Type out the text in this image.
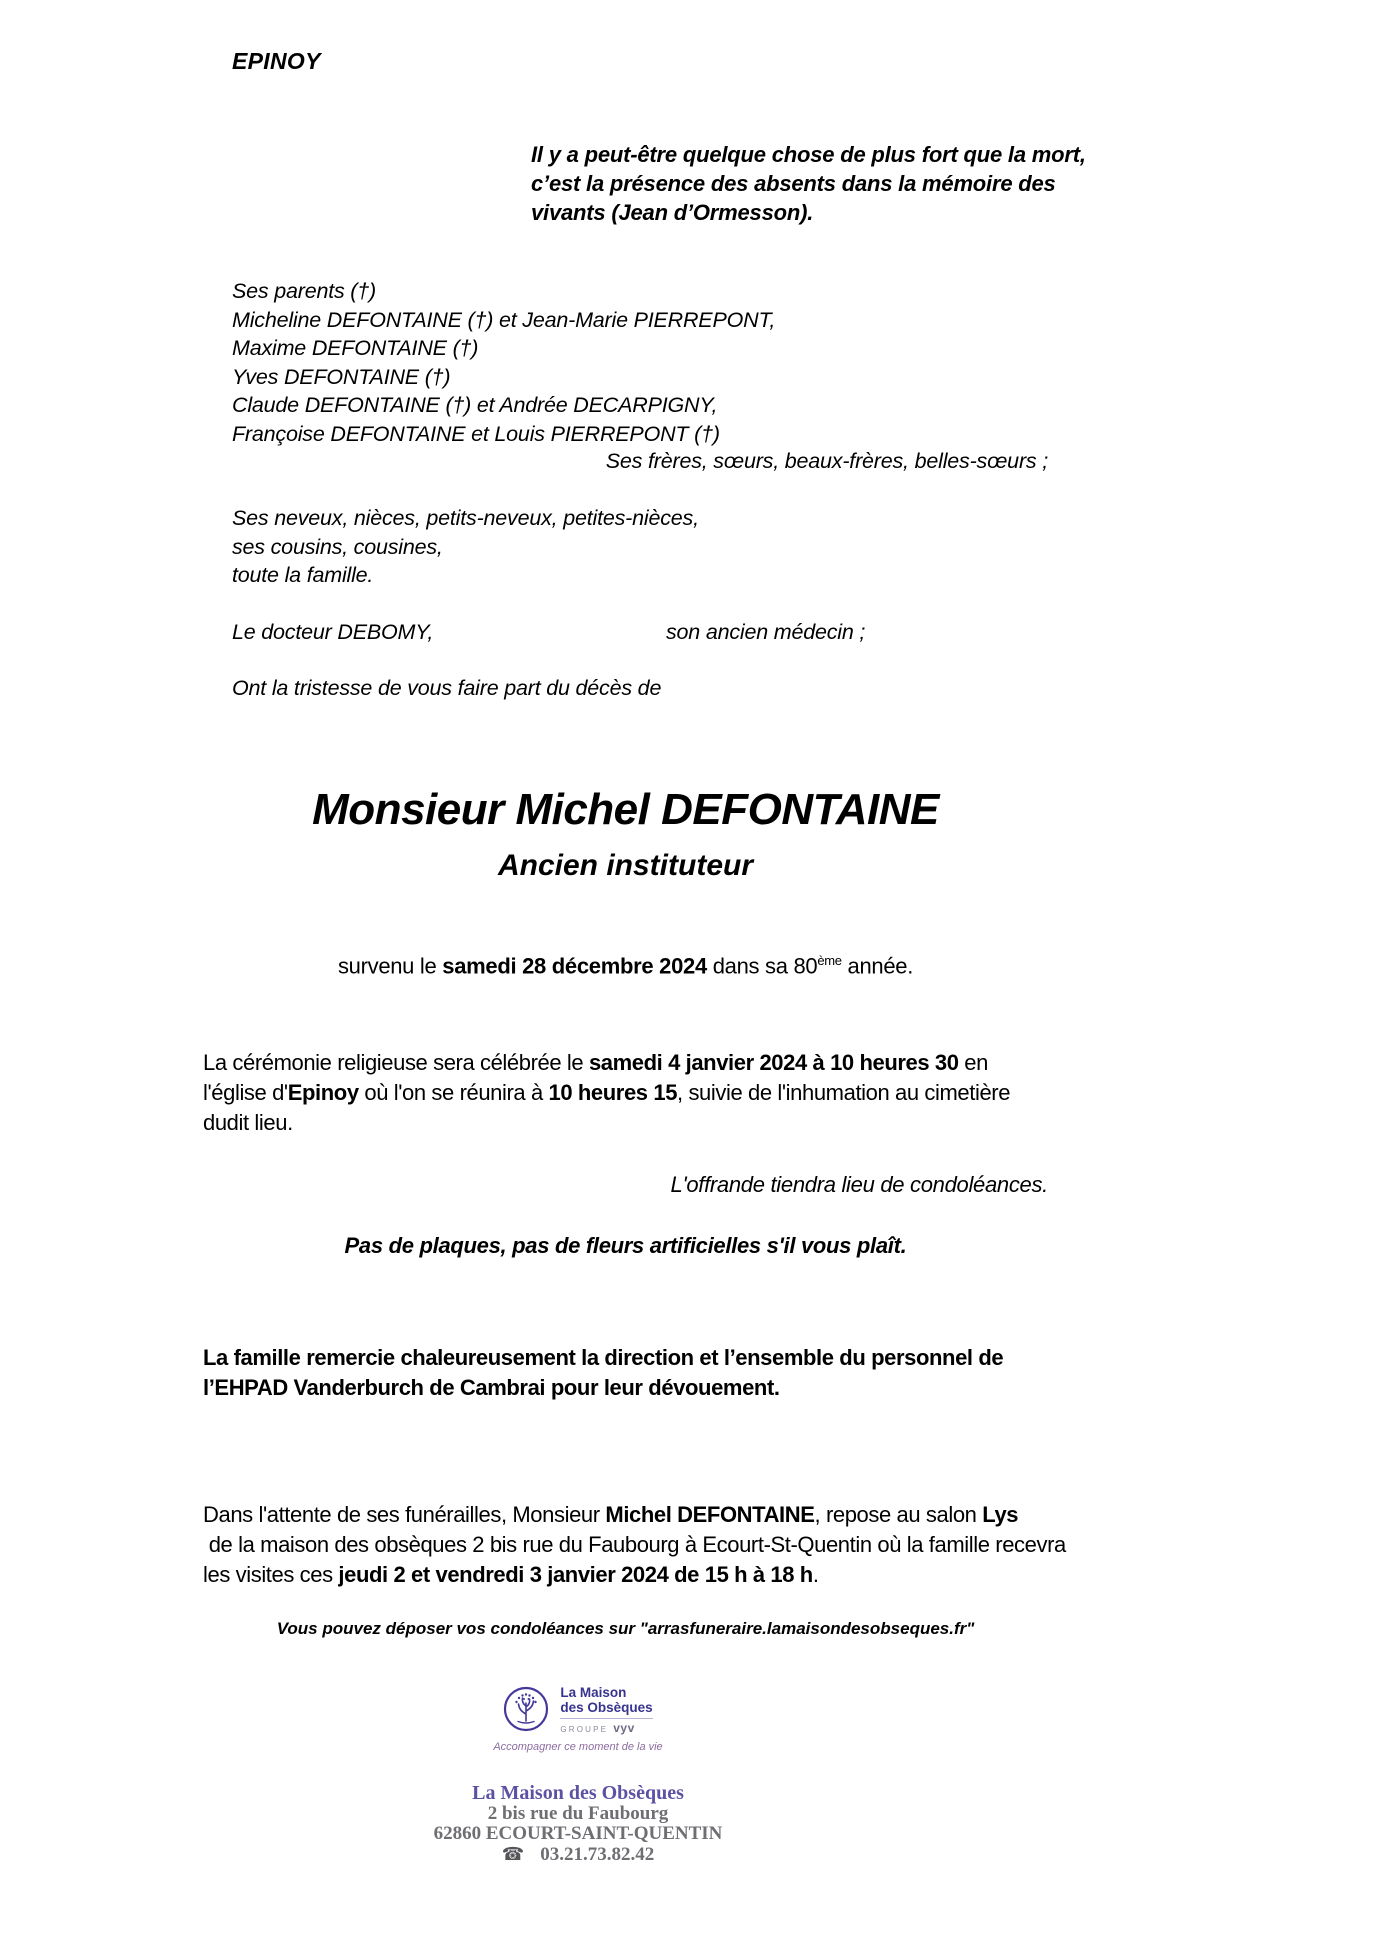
EPINOY
Il y a peut-être quelque chose de plus fort que la mort,
c’est la présence des absents dans la mémoire des
vivants (Jean d’Ormesson).
Ses parents (†)
Micheline DEFONTAINE (†) et Jean-Marie PIERREPONT,
Maxime DEFONTAINE (†)
Yves DEFONTAINE (†)
Claude DEFONTAINE (†) et Andrée DECARPIGNY,
Françoise DEFONTAINE et Louis PIERREPONT (†)
Ses frères, sœurs, beaux-frères, belles-sœurs ;
Ses neveux, nièces, petits-neveux, petites-nièces,
ses cousins, cousines,
toute la famille.
Le docteur DEBOMY,	son ancien médecin ;
Ont la tristesse de vous faire part du décès de
Monsieur Michel DEFONTAINE
Ancien instituteur
survenu le samedi 28 décembre 2024 dans sa 80ème année.
La cérémonie religieuse sera célébrée le samedi 4 janvier 2024 à 10 heures 30 en
l'église d'Epinoy où l'on se réunira à 10 heures 15, suivie de l'inhumation au cimetière
dudit lieu.
L'offrande tiendra lieu de condoléances.
Pas de plaques, pas de fleurs artificielles s'il vous plaît.
La famille remercie chaleureusement la direction et l’ensemble du personnel de
l’EHPAD Vanderburch de Cambrai pour leur dévouement.
Dans l'attente de ses funérailles, Monsieur Michel DEFONTAINE, repose au salon Lys
de la maison des obsèques 2 bis rue du Faubourg à Ecourt-St-Quentin où la famille recevra
les visites ces jeudi 2 et vendredi 3 janvier 2024 de 15 h à 18 h.
Vous pouvez déposer vos condoléances sur "arrasfuneraire.lamaisondesobseques.fr"
La Maison
des Obsèques
GROUPE vyv
Accompagner ce moment de la vie
La Maison des Obsèques
2 bis rue du Faubourg
62860 ECOURT-SAINT-QUENTIN
☎ 03.21.73.82.42
